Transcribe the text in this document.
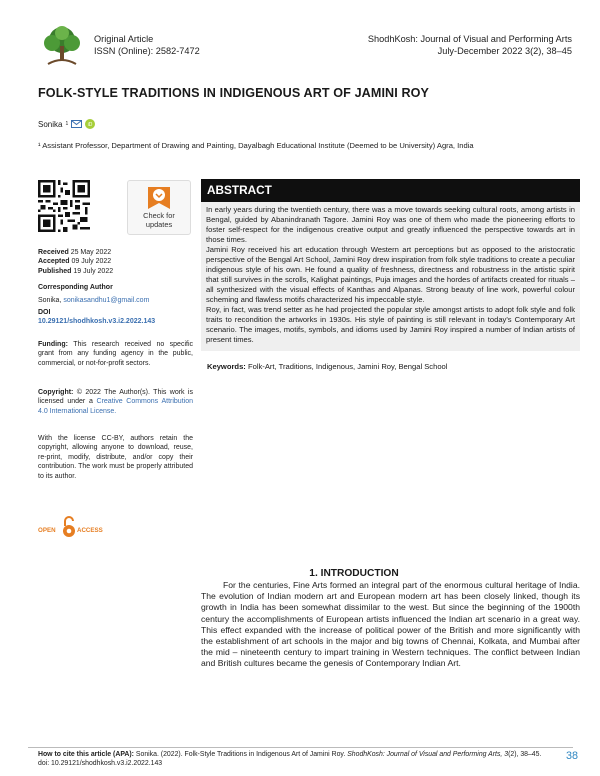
Original Article
ISSN (Online): 2582-7472
ShodhKosh: Journal of Visual and Performing Arts
July-December 2022 3(2), 38–45
FOLK-STYLE TRADITIONS IN INDIGENOUS ART OF JAMINI ROY
Sonika 1	iD
¹ Assistant Professor, Department of Drawing and Painting, Dayalbagh Educational Institute (Deemed to be University) Agra, India
Check for
updates
Received 25 May 2022
Accepted 09 July 2022
Published 19 July 2022
Corresponding Author
Sonika, sonikasandhu1@gmail.com
DOI
10.29121/shodhkosh.v3.i2.2022.143
Funding: This research received no specific grant from any funding agency in the public, commercial, or not-for-profit sectors.
Copyright: © 2022 The Author(s). This work is licensed under a Creative Commons Attribution 4.0 International License.
With the license CC-BY, authors retain the copyright, allowing anyone to download, reuse, re-print, modify, distribute, and/or copy their contribution. The work must be properly attributed to its author.
OPEN	ACCESS
ABSTRACT

In early years during the twentieth century, there was a move towards seeking cultural roots, among artists in Bengal, guided by Abanindranath Tagore. Jamini Roy was one of them who made the pioneering efforts to foster self-respect for the indigenous creative output and greatly influenced the perspective towards art in those times.

Jamini Roy received his art education through Western art perceptions but as opposed to the aristocratic perspective of the Bengal Art School, Jamini Roy drew inspiration from folk style traditions to create a peculiar indigenous style of his own. He found a quality of freshness, directness and robustness in the artistic spirit that still survives in the scrolls, Kalighat paintings, Puja images and the hordes of artifacts created for rituals – all synthesized with the visual effects of Kanthas and Alpanas. Strong beauty of line work, powerful colour scheming and flawless motifs characterized his impeccable style.

Roy, in fact, was trend setter as he had projected the popular style amongst artists to adopt folk style and folk traits to recondition the artworks in 1930s. His style of painting is still relevant in today's Contemporary Art scenario. The images, motifs, symbols, and idioms used by Jamini Roy inspired a number of Indian artists of present times.

Keywords: Folk-Art, Traditions, Indigenous, Jamini Roy, Bengal School
1. INTRODUCTION
For the centuries, Fine Arts formed an integral part of the enormous cultural heritage of India. The evolution of Indian modern art and European modern art has been closely linked, though its growth in India has been somewhat dissimilar to the west. But since the beginning of the 1900th century the accomplishments of European artists influenced the Indian art scenario in a great way. This effect expanded with the increase of political power of the British and more significantly with the establishment of art schools in the major and big towns of Chennai, Kolkata, and Mumbai after the mid – nineteenth century to impart training in Western techniques. The conflict between Indian and British cultures became the genesis of Contemporary Indian Art.
How to cite this article (APA): Sonika. (2022). Folk-Style Traditions in Indigenous Art of Jamini Roy. ShodhKosh: Journal of Visual and Performing Arts, 3(2), 38–45. doi: 10.29121/shodhkosh.v3.i2.2022.143
38
